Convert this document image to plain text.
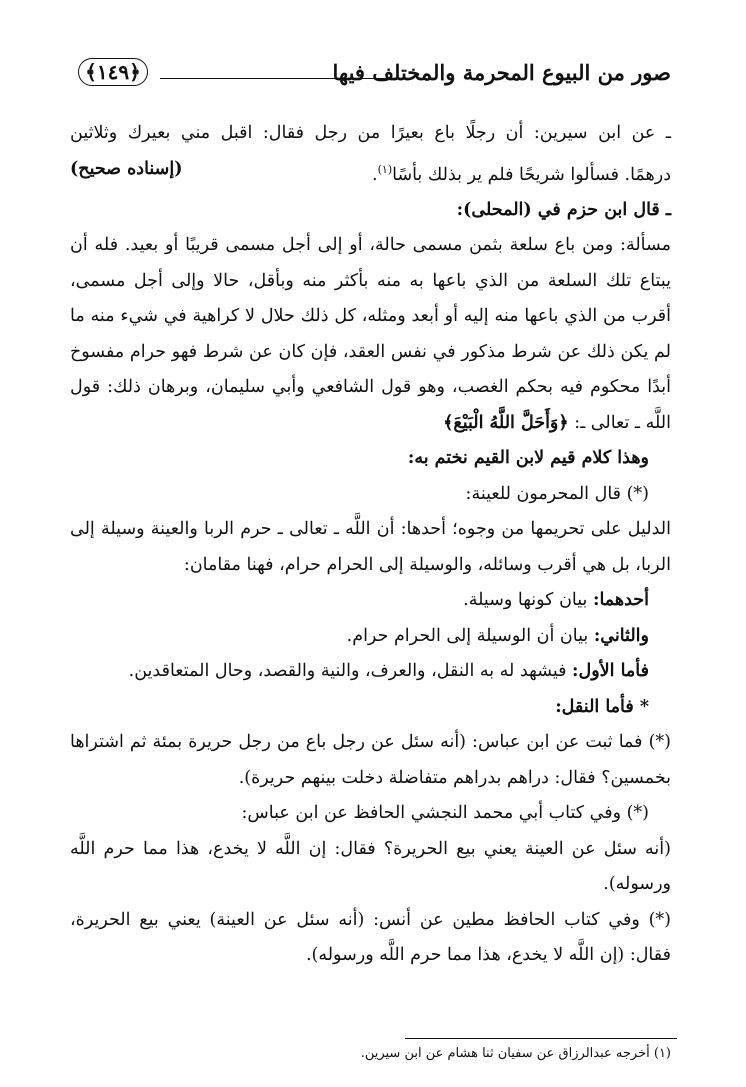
صور من البيوع المحرمة والمختلف فيها
﴿١٤٩﴾

ـ عن ابن سيرين: أن رجلًا باع بعيرًا من رجل فقال: اقبل مني بعيرك وثلاثين

درهمًا. فسألوا شريحًا فلم ير بذلك بأسًا$^{(١)}$.
(إسناده صحيح)

ـ قال ابن حزم في (المحلى):

مسألة: ومن باع سلعة بثمن مسمى حالة، أو إلى أجل مسمى قريبًا أو بعيد. فله أن

يبتاع تلك السلعة من الذي باعها به منه بأكثر منه وبأقل، حالا وإلى أجل مسمى،

أقرب من الذي باعها منه إليه أو أبعد ومثله، كل ذلك حلال لا كراهية في شيء منه ما

لم يكن ذلك عن شرط مذكور في نفس العقد، فإن كان عن شرط فهو حرام مفسوخ

أبدًا محكوم فيه بحكم الغصب، وهو قول الشافعي وأبي سليمان، وبرهان ذلك: قول

اللَّه ـ تعالى ـ: ﴿وَأَحَلَّ اللَّهُ الْبَيْعَ﴾

وهذا كلام قيم لابن القيم نختم به:

(*) قال المحرمون للعينة:

الدليل على تحريمها من وجوه؛ أحدها: أن اللَّه ـ تعالى ـ حرم الربا والعينة وسيلة إلى

الربا، بل هي أقرب وسائله، والوسيلة إلى الحرام حرام، فهنا مقامان:

أحدهما: بيان كونها وسيلة.

والثاني: بيان أن الوسيلة إلى الحرام حرام.

فأما الأول: فيشهد له به النقل، والعرف، والنية والقصد، وحال المتعاقدين.

* فأما النقل:

(*) فما ثبت عن ابن عباس: (أنه سئل عن رجل باع من رجل حريرة بمئة ثم اشتراها

بخمسين؟ فقال: دراهم بدراهم متفاضلة دخلت بينهم حريرة).

(*) وفي كتاب أبي محمد النجشي الحافظ عن ابن عباس:

(أنه سئل عن العينة يعني بيع الحريرة؟ فقال: إن اللَّه لا يخدع، هذا مما حرم اللَّه

ورسوله).

(*) وفي كتاب الحافظ مطين عن أنس: (أنه سئل عن العينة) يعني بيع الحريرة،

فقال: (إن اللَّه لا يخدع، هذا مما حرم اللَّه ورسوله).

(١) أخرجه عبدالرزاق عن سفيان ثنا هشام عن ابن سيرين.
